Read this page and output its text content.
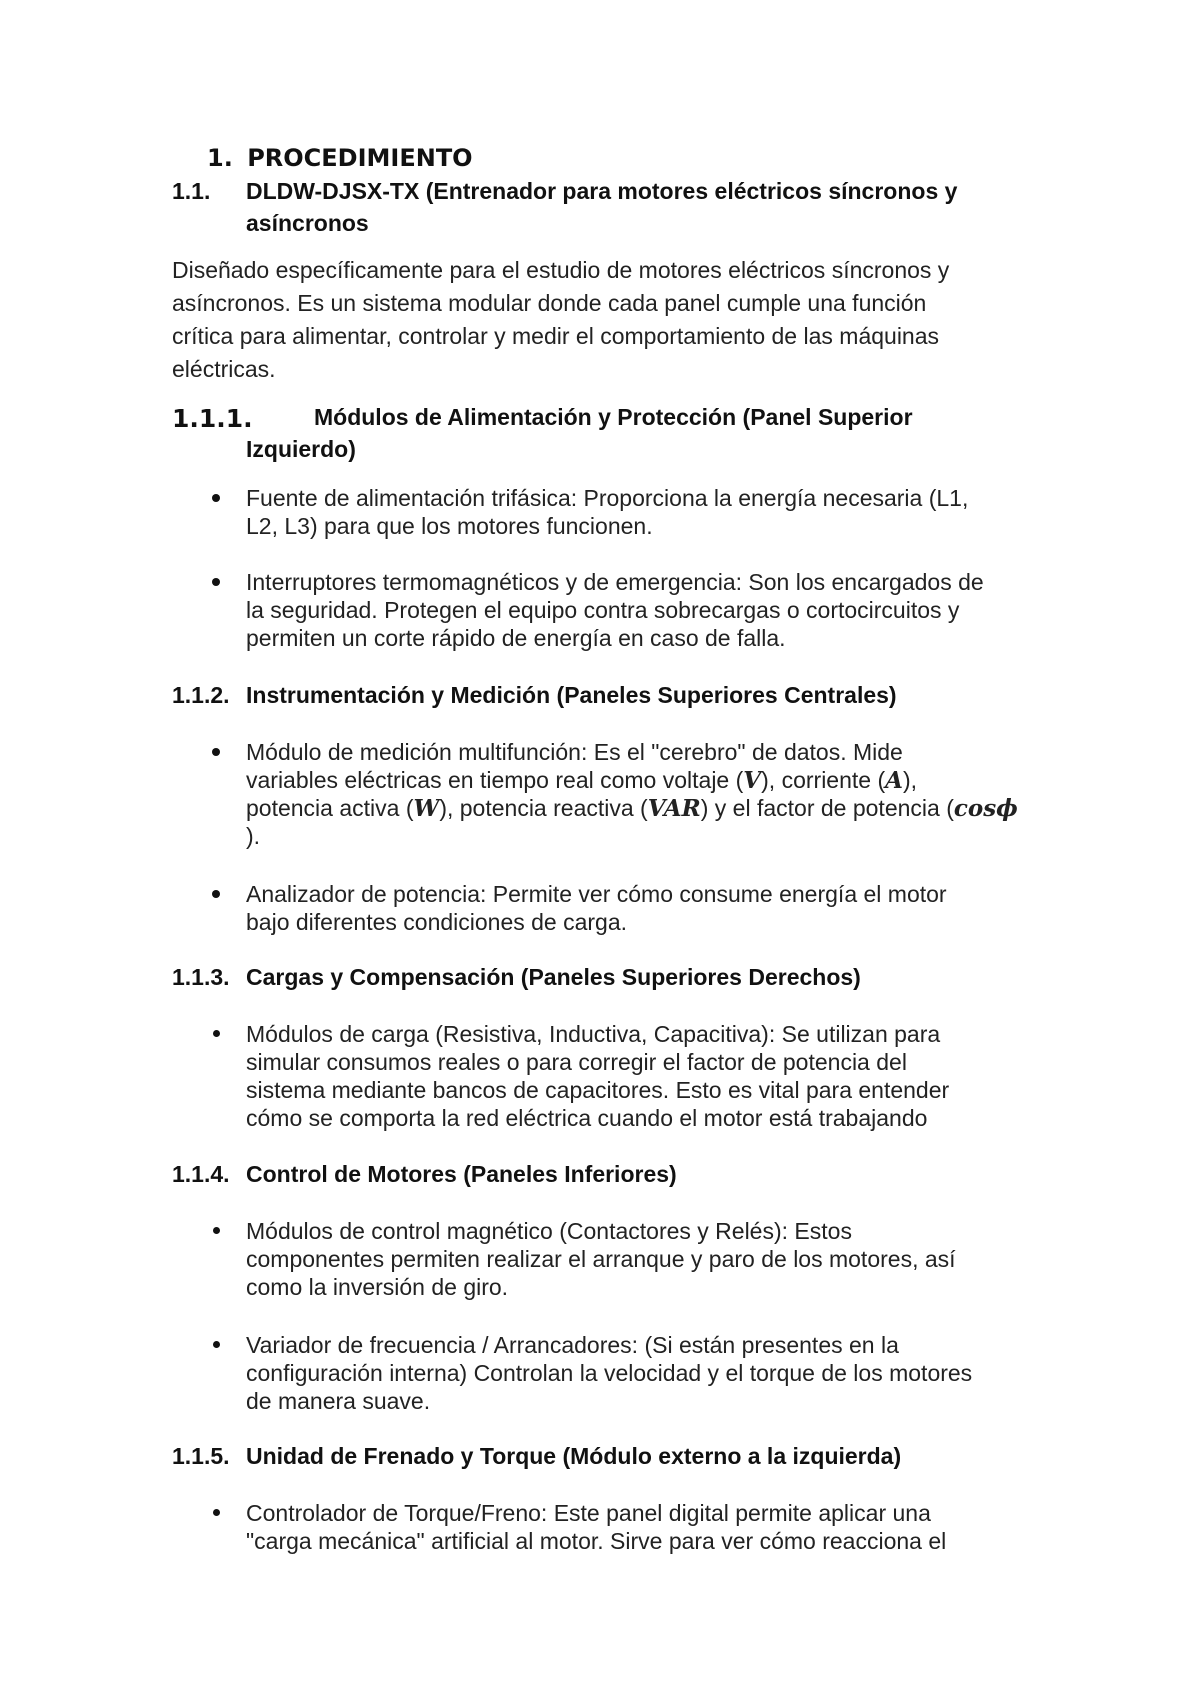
1. PROCEDIMIENTO
1.1. DLDW-DJSX-TX (Entrenador para motores eléctricos síncronos y
asíncronos
Diseñado específicamente para el estudio de motores eléctricos síncronos y
asíncronos. Es un sistema modular donde cada panel cumple una función
crítica para alimentar, controlar y medir el comportamiento de las máquinas
eléctricas.
1.1.1.	Módulos de Alimentación y Protección (Panel Superior
Izquierdo)
Fuente de alimentación trifásica: Proporciona la energía necesaria (L1,
L2, L3) para que los motores funcionen.
Interruptores termomagnéticos y de emergencia: Son los encargados de
la seguridad. Protegen el equipo contra sobrecargas o cortocircuitos y
permiten un corte rápido de energía en caso de falla.
1.1.2. Instrumentación y Medición (Paneles Superiores Centrales)
Módulo de medición multifunción: Es el "cerebro" de datos. Mide
variables eléctricas en tiempo real como voltaje (V), corriente (A),
potencia activa (W), potencia reactiva (VAR) y el factor de potencia (cosϕ
).
Analizador de potencia: Permite ver cómo consume energía el motor
bajo diferentes condiciones de carga.
1.1.3. Cargas y Compensación (Paneles Superiores Derechos)
Módulos de carga (Resistiva, Inductiva, Capacitiva): Se utilizan para
simular consumos reales o para corregir el factor de potencia del
sistema mediante bancos de capacitores. Esto es vital para entender
cómo se comporta la red eléctrica cuando el motor está trabajando
1.1.4. Control de Motores (Paneles Inferiores)
Módulos de control magnético (Contactores y Relés): Estos
componentes permiten realizar el arranque y paro de los motores, así
como la inversión de giro.
Variador de frecuencia / Arrancadores: (Si están presentes en la
configuración interna) Controlan la velocidad y el torque de los motores
de manera suave.
1.1.5. Unidad de Frenado y Torque (Módulo externo a la izquierda)
Controlador de Torque/Freno: Este panel digital permite aplicar una
"carga mecánica" artificial al motor. Sirve para ver cómo reacciona el
